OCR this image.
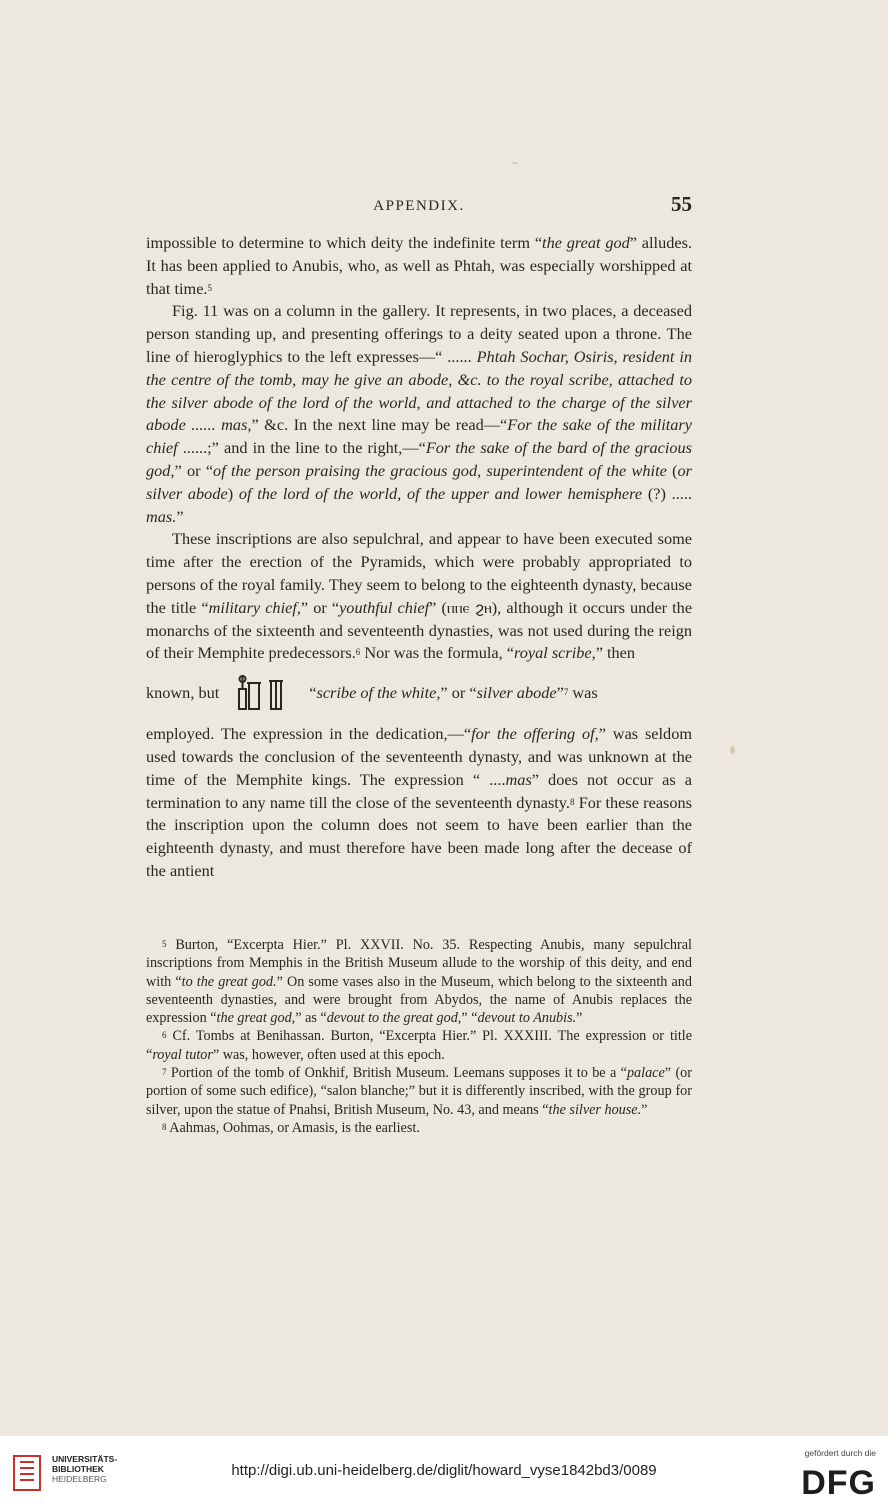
APPENDIX.	55

impossible to determine to which deity the indefinite term “the great god” alludes. It has been applied to Anubis, who, as well as Phtah, was especially worshipped at that time.$^5$

Fig. 11 was on a column in the gallery. It represents, in two places, a deceased person standing up, and presenting offerings to a deity seated upon a throne. The line of hieroglyphics to the left expresses—“ ...... Phtah Sochar, Osiris, resident in the centre of the tomb, may he give an abode, &c. to the royal scribe, attached to the silver abode of the lord of the world, and attached to the charge of the silver abode ...... mas,” &c. In the next line may be read—“For the sake of the military chief ......;” and in the line to the right,—“For the sake of the bard of the gracious god,” or “of the person praising the gracious god, superintendent of the white (or silver abode) of the lord of the world, of the upper and lower hemisphere (?) ..... mas.”

These inscriptions are also sepulchral, and appear to have been executed some time after the erection of the Pyramids, which were probably appropriated to persons of the royal family. They seem to belong to the eighteenth dynasty, because the title “military chief,” or “youthful chief” (ⲡⲡⲉ ϩⲏ), although it occurs under the monarchs of the sixteenth and seventeenth dynasties, was not used during the reign of their Memphite predecessors.$^6$ Nor was the formula, “royal scribe,” then

known, but	“scribe of the white,” or “silver abode”$^7$ was

employed. The expression in the dedication,—“for the offering of,” was seldom used towards the conclusion of the seventeenth dynasty, and was unknown at the time of the Memphite kings. The expression “ ....mas” does not occur as a termination to any name till the close of the seventeenth dynasty.$^8$ For these reasons the inscription upon the column does not seem to have been earlier than the eighteenth dynasty, and must therefore have been made long after the decease of the antient

$^5$ Burton, “Excerpta Hier.” Pl. XXVII. No. 35. Respecting Anubis, many sepulchral inscriptions from Memphis in the British Museum allude to the worship of this deity, and end with “to the great god.” On some vases also in the Museum, which belong to the sixteenth and seventeenth dynasties, and were brought from Abydos, the name of Anubis replaces the expression “the great god,” as “devout to the great god,” “devout to Anubis.”

$^6$ Cf. Tombs at Benihassan. Burton, “Excerpta Hier.” Pl. XXXIII. The expression or title “royal tutor” was, however, often used at this epoch.

$^7$ Portion of the tomb of Onkhif, British Museum. Leemans supposes it to be a “palace” (or portion of some such edifice), “salon blanche;” but it is differently inscribed, with the group for silver, upon the statue of Pnahsi, British Museum, No. 43, and means “the silver house.”

$^8$ Aahmas, Oohmas, or Amasis, is the earliest.

UNIVERSITÄTS-
BIBLIOTHEK
HEIDELBERG	http://digi.ub.uni-heidelberg.de/diglit/howard_vyse1842bd3/0089
gefördert durch die
DFG
